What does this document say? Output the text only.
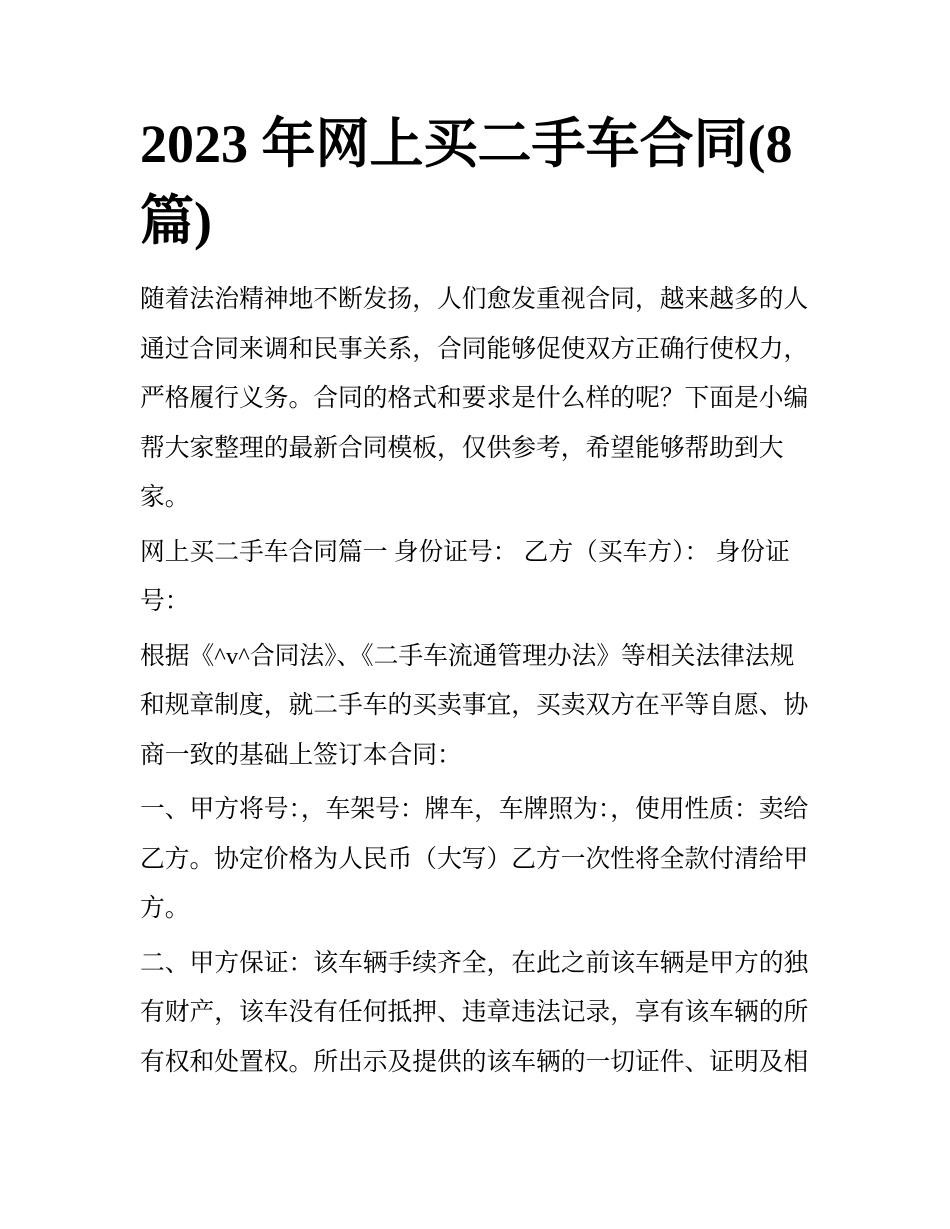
2023 年网上买二手车合同(8 篇)

随着法治精神地不断发扬，人们愈发重视合同，越来越多的人通过合同来调和民事关系，合同能够促使双方正确行使权力，严格履行义务。合同的格式和要求是什么样的呢？下面是小编帮大家整理的最新合同模板，仅供参考，希望能够帮助到大家。

网上买二手车合同篇一 身份证号： 乙方（买车方）： 身份证号：

根据《^v^合同法》、《二手车流通管理办法》等相关法律法规和规章制度，就二手车的买卖事宜，买卖双方在平等自愿、协商一致的基础上签订本合同：

一、甲方将号：，车架号：牌车，车牌照为：，使用性质：卖给乙方。协定价格为人民币（大写）乙方一次性将全款付清给甲方。

二、甲方保证：该车辆手续齐全，在此之前该车辆是甲方的独有财产，该车没有任何抵押、违章违法记录，享有该车辆的所有权和处置权。所出示及提供的该车辆的一切证件、证明及相
